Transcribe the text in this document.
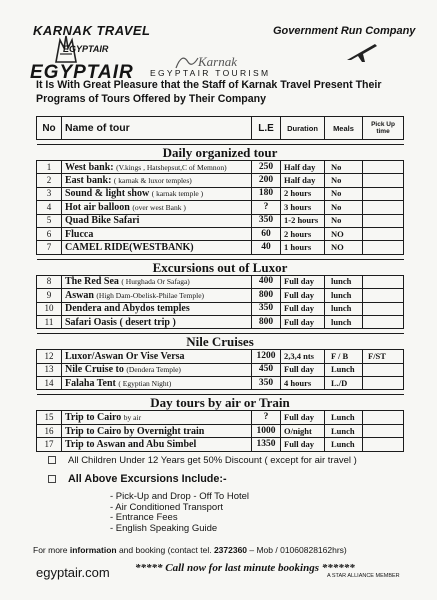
KARNAK TRAVEL
EGYPTAIR
EGYPTAIR
Government Run Company
Karnak
EGYPTAIR TOURISM
It Is With Great Pleasure that the Staff of Karnak Travel Present Their
Programs of Tours Offered by Their Company
No	Name of tour	L.E	Duration	Meals	Pick Up time

Daily organized tour					
1	West bank: (V.kings , Hatshepsut,C of Memnon)	250	Half day	No	
2	East bank: ( karnak & luxor temples)	200	Half day	No	
3	Sound & light show ( karnak temple )	180	2 hours	No	
4	Hot air balloon (over west Bank )	?	3 hours	No	
5	Quad Bike Safari	350	1-2 hours	No	
6	Flucca	60	2 hours	NO	
7	CAMEL RIDE(WESTBANK)	40	1 hours	NO	

Excursions out of Luxor					
8	The Red Sea ( Hurghada Or Safaga)	400	Full day	lunch	
9	Aswan (High Dam-Obelisk-Philae Temple)	800	Full day	lunch	
10	Dendera and Abydos temples	350	Full day	lunch	
11	Safari Oasis ( desert trip )	800	Full day	lunch	

Nile Cruises					
12	Luxor/Aswan Or Vise Versa	1200	2,3,4 nts	F / B	F/ST
13	Nile Cruise to (Dendera Temple)	450	Full day	Lunch	
14	Falaha Tent ( Egyptian Night)	350	4 hours	L./D	

Day tours by air or Train					
15	Trip to Cairo by air	?	Full day	Lunch	
16	Trip to Cairo by Overnight train	1000	O/night	Lunch	
17	Trip to Aswan and Abu Simbel	1350	Full day	Lunch	
All Children Under 12 Years get 50% Discount ( except for air travel )
All Above Excursions Include:-
- Pick-Up and Drop - Off To Hotel
- Air Conditioned Transport
- Entrance Fees
- English Speaking Guide
For more information and booking (contact tel. 2372360 – Mob / 01060828162hrs)
egyptair.com ***** Call now for last minute bookings ******
A STAR ALLIANCE MEMBER
